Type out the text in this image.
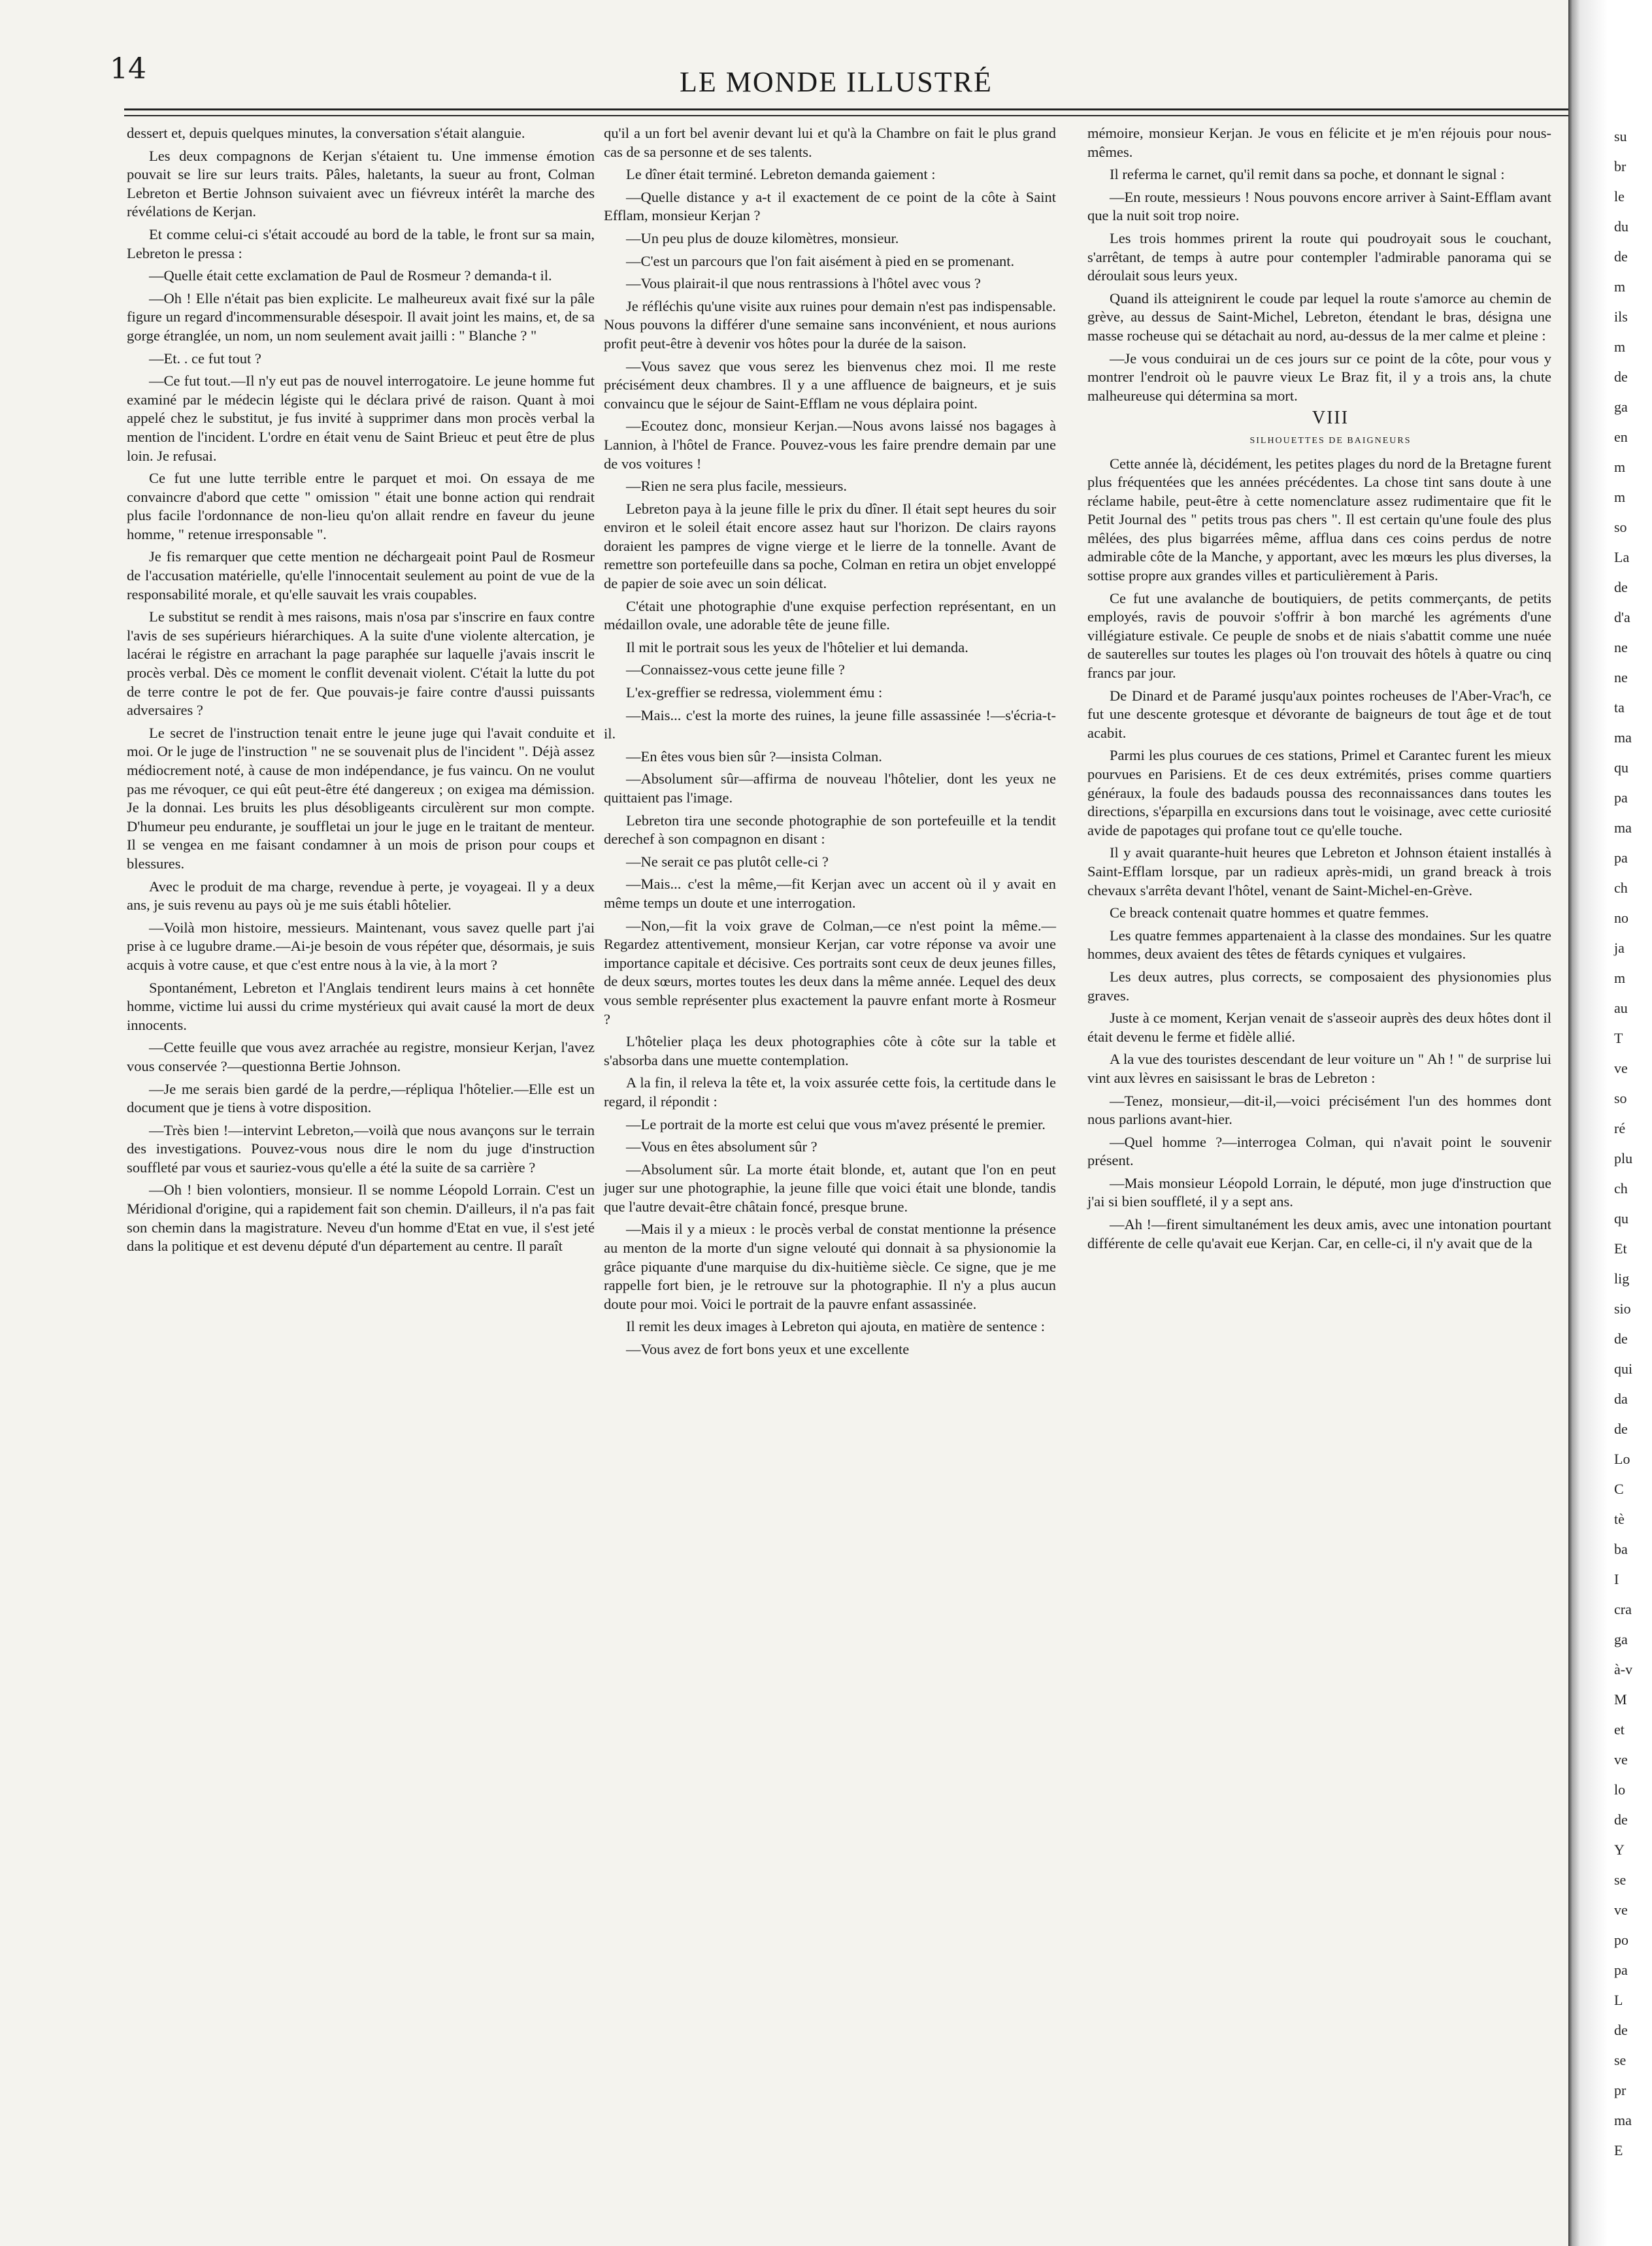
14	LE MONDE ILLUSTRÉ

dessert et, depuis quelques minutes, la conversation s'était alanguie.

Les deux compagnons de Kerjan s'étaient tu. Une immense émotion pouvait se lire sur leurs traits. Pâles, haletants, la sueur au front, Colman Lebreton et Bertie Johnson suivaient avec un fiévreux intérêt la marche des révélations de Kerjan.

Et comme celui-ci s'était accoudé au bord de la table, le front sur sa main, Lebreton le pressa :

—Quelle était cette exclamation de Paul de Rosmeur ? demanda-t il.

—Oh ! Elle n'était pas bien explicite. Le malheureux avait fixé sur la pâle figure un regard d'incommensurable désespoir. Il avait joint les mains, et, de sa gorge étranglée, un nom, un nom seulement avait jailli : " Blanche ? "

—Et. . ce fut tout ?

—Ce fut tout.—Il n'y eut pas de nouvel interrogatoire. Le jeune homme fut examiné par le médecin légiste qui le déclara privé de raison. Quant à moi appelé chez le substitut, je fus invité à supprimer dans mon procès verbal la mention de l'incident. L'ordre en était venu de Saint Brieuc et peut être de plus loin. Je refusai.

Ce fut une lutte terrible entre le parquet et moi. On essaya de me convaincre d'abord que cette " omission " était une bonne action qui rendrait plus facile l'ordonnance de non-lieu qu'on allait rendre en faveur du jeune homme, " retenue irresponsable ".

Je fis remarquer que cette mention ne déchargeait point Paul de Rosmeur de l'accusation matérielle, qu'elle l'innocentait seulement au point de vue de la responsabilité morale, et qu'elle sauvait les vrais coupables.

Le substitut se rendit à mes raisons, mais n'osa par s'inscrire en faux contre l'avis de ses supérieurs hiérarchiques. A la suite d'une violente altercation, je lacérai le régistre en arrachant la page paraphée sur laquelle j'avais inscrit le procès verbal. Dès ce moment le conflit devenait violent. C'était la lutte du pot de terre contre le pot de fer. Que pouvais-je faire contre d'aussi puissants adversaires ?

Le secret de l'instruction tenait entre le jeune juge qui l'avait conduite et moi. Or le juge de l'instruction " ne se souvenait plus de l'incident ". Déjà assez médiocrement noté, à cause de mon indépendance, je fus vaincu. On ne voulut pas me révoquer, ce qui eût peut-être été dangereux ; on exigea ma démission. Je la donnai. Les bruits les plus désobligeants circulèrent sur mon compte. D'humeur peu endurante, je souffletai un jour le juge en le traitant de menteur. Il se vengea en me faisant condamner à un mois de prison pour coups et blessures.

Avec le produit de ma charge, revendue à perte, je voyageai. Il y a deux ans, je suis revenu au pays où je me suis établi hôtelier.

—Voilà mon histoire, messieurs. Maintenant, vous savez quelle part j'ai prise à ce lugubre drame.—Ai-je besoin de vous répéter que, désormais, je suis acquis à votre cause, et que c'est entre nous à la vie, à la mort ?

Spontanément, Lebreton et l'Anglais tendirent leurs mains à cet honnête homme, victime lui aussi du crime mystérieux qui avait causé la mort de deux innocents.

—Cette feuille que vous avez arrachée au registre, monsieur Kerjan, l'avez vous conservée ?—questionna Bertie Johnson.

—Je me serais bien gardé de la perdre,—répliqua l'hôtelier.—Elle est un document que je tiens à votre disposition.

—Très bien !—intervint Lebreton,—voilà que nous avançons sur le terrain des investigations. Pouvez-vous nous dire le nom du juge d'instruction souffleté par vous et sauriez-vous qu'elle a été la suite de sa carrière ?

—Oh ! bien volontiers, monsieur. Il se nomme Léopold Lorrain. C'est un Méridional d'origine, qui a rapidement fait son chemin. D'ailleurs, il n'a pas fait son chemin dans la magistrature. Neveu d'un homme d'Etat en vue, il s'est jeté dans la politique et est devenu député d'un département au centre. Il paraît

qu'il a un fort bel avenir devant lui et qu'à la Chambre on fait le plus grand cas de sa personne et de ses talents.

Le dîner était terminé. Lebreton demanda gaiement :

—Quelle distance y a-t il exactement de ce point de la côte à Saint Efflam, monsieur Kerjan ?

—Un peu plus de douze kilomètres, monsieur.

—C'est un parcours que l'on fait aisément à pied en se promenant.

—Vous plairait-il que nous rentrassions à l'hôtel avec vous ?

Je réfléchis qu'une visite aux ruines pour demain n'est pas indispensable. Nous pouvons la différer d'une semaine sans inconvénient, et nous aurions profit peut-être à devenir vos hôtes pour la durée de la saison.

—Vous savez que vous serez les bienvenus chez moi. Il me reste précisément deux chambres. Il y a une affluence de baigneurs, et je suis convaincu que le séjour de Saint-Efflam ne vous déplaira point.

—Ecoutez donc, monsieur Kerjan.—Nous avons laissé nos bagages à Lannion, à l'hôtel de France. Pouvez-vous les faire prendre demain par une de vos voitures !

—Rien ne sera plus facile, messieurs.

Lebreton paya à la jeune fille le prix du dîner. Il était sept heures du soir environ et le soleil était encore assez haut sur l'horizon. De clairs rayons doraient les pampres de vigne vierge et le lierre de la tonnelle. Avant de remettre son portefeuille dans sa poche, Colman en retira un objet enveloppé de papier de soie avec un soin délicat.

C'était une photographie d'une exquise perfection représentant, en un médaillon ovale, une adorable tête de jeune fille.

Il mit le portrait sous les yeux de l'hôtelier et lui demanda.

—Connaissez-vous cette jeune fille ?

L'ex-greffier se redressa, violemment ému :

—Mais... c'est la morte des ruines, la jeune fille assassinée !—s'écria-t-il.

—En êtes vous bien sûr ?—insista Colman.

—Absolument sûr—affirma de nouveau l'hôtelier, dont les yeux ne quittaient pas l'image.

Lebreton tira une seconde photographie de son portefeuille et la tendit derechef à son compagnon en disant :

—Ne serait ce pas plutôt celle-ci ?

—Mais... c'est la même,—fit Kerjan avec un accent où il y avait en même temps un doute et une interrogation.

—Non,—fit la voix grave de Colman,—ce n'est point la même.—Regardez attentivement, monsieur Kerjan, car votre réponse va avoir une importance capitale et décisive. Ces portraits sont ceux de deux jeunes filles, de deux sœurs, mortes toutes les deux dans la même année. Lequel des deux vous semble représenter plus exactement la pauvre enfant morte à Rosmeur ?

L'hôtelier plaça les deux photographies côte à côte sur la table et s'absorba dans une muette contemplation.

A la fin, il releva la tête et, la voix assurée cette fois, la certitude dans le regard, il répondit :

—Le portrait de la morte est celui que vous m'avez présenté le premier.

—Vous en êtes absolument sûr ?

—Absolument sûr. La morte était blonde, et, autant que l'on en peut juger sur une photographie, la jeune fille que voici était une blonde, tandis que l'autre devait-être châtain foncé, presque brune.

—Mais il y a mieux : le procès verbal de constat mentionne la présence au menton de la morte d'un signe velouté qui donnait à sa physionomie la grâce piquante d'une marquise du dix-huitième siècle. Ce signe, que je me rappelle fort bien, je le retrouve sur la photographie. Il n'y a plus aucun doute pour moi. Voici le portrait de la pauvre enfant assassinée.

Il remit les deux images à Lebreton qui ajouta, en matière de sentence :

—Vous avez de fort bons yeux et une excellente

mémoire, monsieur Kerjan. Je vous en félicite et je m'en réjouis pour nous-mêmes.

Il referma le carnet, qu'il remit dans sa poche, et donnant le signal :

—En route, messieurs ! Nous pouvons encore arriver à Saint-Efflam avant que la nuit soit trop noire.

Les trois hommes prirent la route qui poudroyait sous le couchant, s'arrêtant, de temps à autre pour contempler l'admirable panorama qui se déroulait sous leurs yeux.

Quand ils atteignirent le coude par lequel la route s'amorce au chemin de grève, au dessus de Saint-Michel, Lebreton, étendant le bras, désigna une masse rocheuse qui se détachait au nord, au-dessus de la mer calme et pleine :

—Je vous conduirai un de ces jours sur ce point de la côte, pour vous y montrer l'endroit où le pauvre vieux Le Braz fit, il y a trois ans, la chute malheureuse qui détermina sa mort.

VIII

SILHOUETTES DE BAIGNEURS

Cette année là, décidément, les petites plages du nord de la Bretagne furent plus fréquentées que les années précédentes. La chose tint sans doute à une réclame habile, peut-être à cette nomenclature assez rudimentaire que fit le Petit Journal des " petits trous pas chers ". Il est certain qu'une foule des plus mêlées, des plus bigarrées même, afflua dans ces coins perdus de notre admirable côte de la Manche, y apportant, avec les mœurs les plus diverses, la sottise propre aux grandes villes et particulièrement à Paris.

Ce fut une avalanche de boutiquiers, de petits commerçants, de petits employés, ravis de pouvoir s'offrir à bon marché les agréments d'une villégiature estivale. Ce peuple de snobs et de niais s'abattit comme une nuée de sauterelles sur toutes les plages où l'on trouvait des hôtels à quatre ou cinq francs par jour.

De Dinard et de Paramé jusqu'aux pointes rocheuses de l'Aber-Vrac'h, ce fut une descente grotesque et dévorante de baigneurs de tout âge et de tout acabit.

Parmi les plus courues de ces stations, Primel et Carantec furent les mieux pourvues en Parisiens. Et de ces deux extrémités, prises comme quartiers généraux, la foule des badauds poussa des reconnaissances dans toutes les directions, s'éparpilla en excursions dans tout le voisinage, avec cette curiosité avide de papotages qui profane tout ce qu'elle touche.

Il y avait quarante-huit heures que Lebreton et Johnson étaient installés à Saint-Efflam lorsque, par un radieux après-midi, un grand breack à trois chevaux s'arrêta devant l'hôtel, venant de Saint-Michel-en-Grève.

Ce breack contenait quatre hommes et quatre femmes.

Les quatre femmes appartenaient à la classe des mondaines. Sur les quatre hommes, deux avaient des têtes de fêtards cyniques et vulgaires.

Les deux autres, plus corrects, se composaient des physionomies plus graves.

Juste à ce moment, Kerjan venait de s'asseoir auprès des deux hôtes dont il était devenu le ferme et fidèle allié.

A la vue des touristes descendant de leur voiture un " Ah ! " de surprise lui vint aux lèvres en saisissant le bras de Lebreton :

—Tenez, monsieur,—dit-il,—voici précisément l'un des hommes dont nous parlions avant-hier.

—Quel homme ?—interrogea Colman, qui n'avait point le souvenir présent.

—Mais monsieur Léopold Lorrain, le député, mon juge d'instruction que j'ai si bien souffleté, il y a sept ans.

—Ah !—firent simultanément les deux amis, avec une intonation pourtant différente de celle qu'avait eue Kerjan. Car, en celle-ci, il n'y avait que de la

su
br
le
du
de
m
ils
m
de
ga
en
m
m
so
La
de
d'a
ne
ne
ta
ma
qu
pa
ma
pa
ch
no
ja
m
au
T
ve
so
ré
plu
ch
qu
Et
lig
sio
de
qui
da
de
Lo
C
tè
ba
I
cra
ga
à-v
M
et
ve
lo
de
Y
se
ve
po
pa
L
de
se
pr
ma
E
